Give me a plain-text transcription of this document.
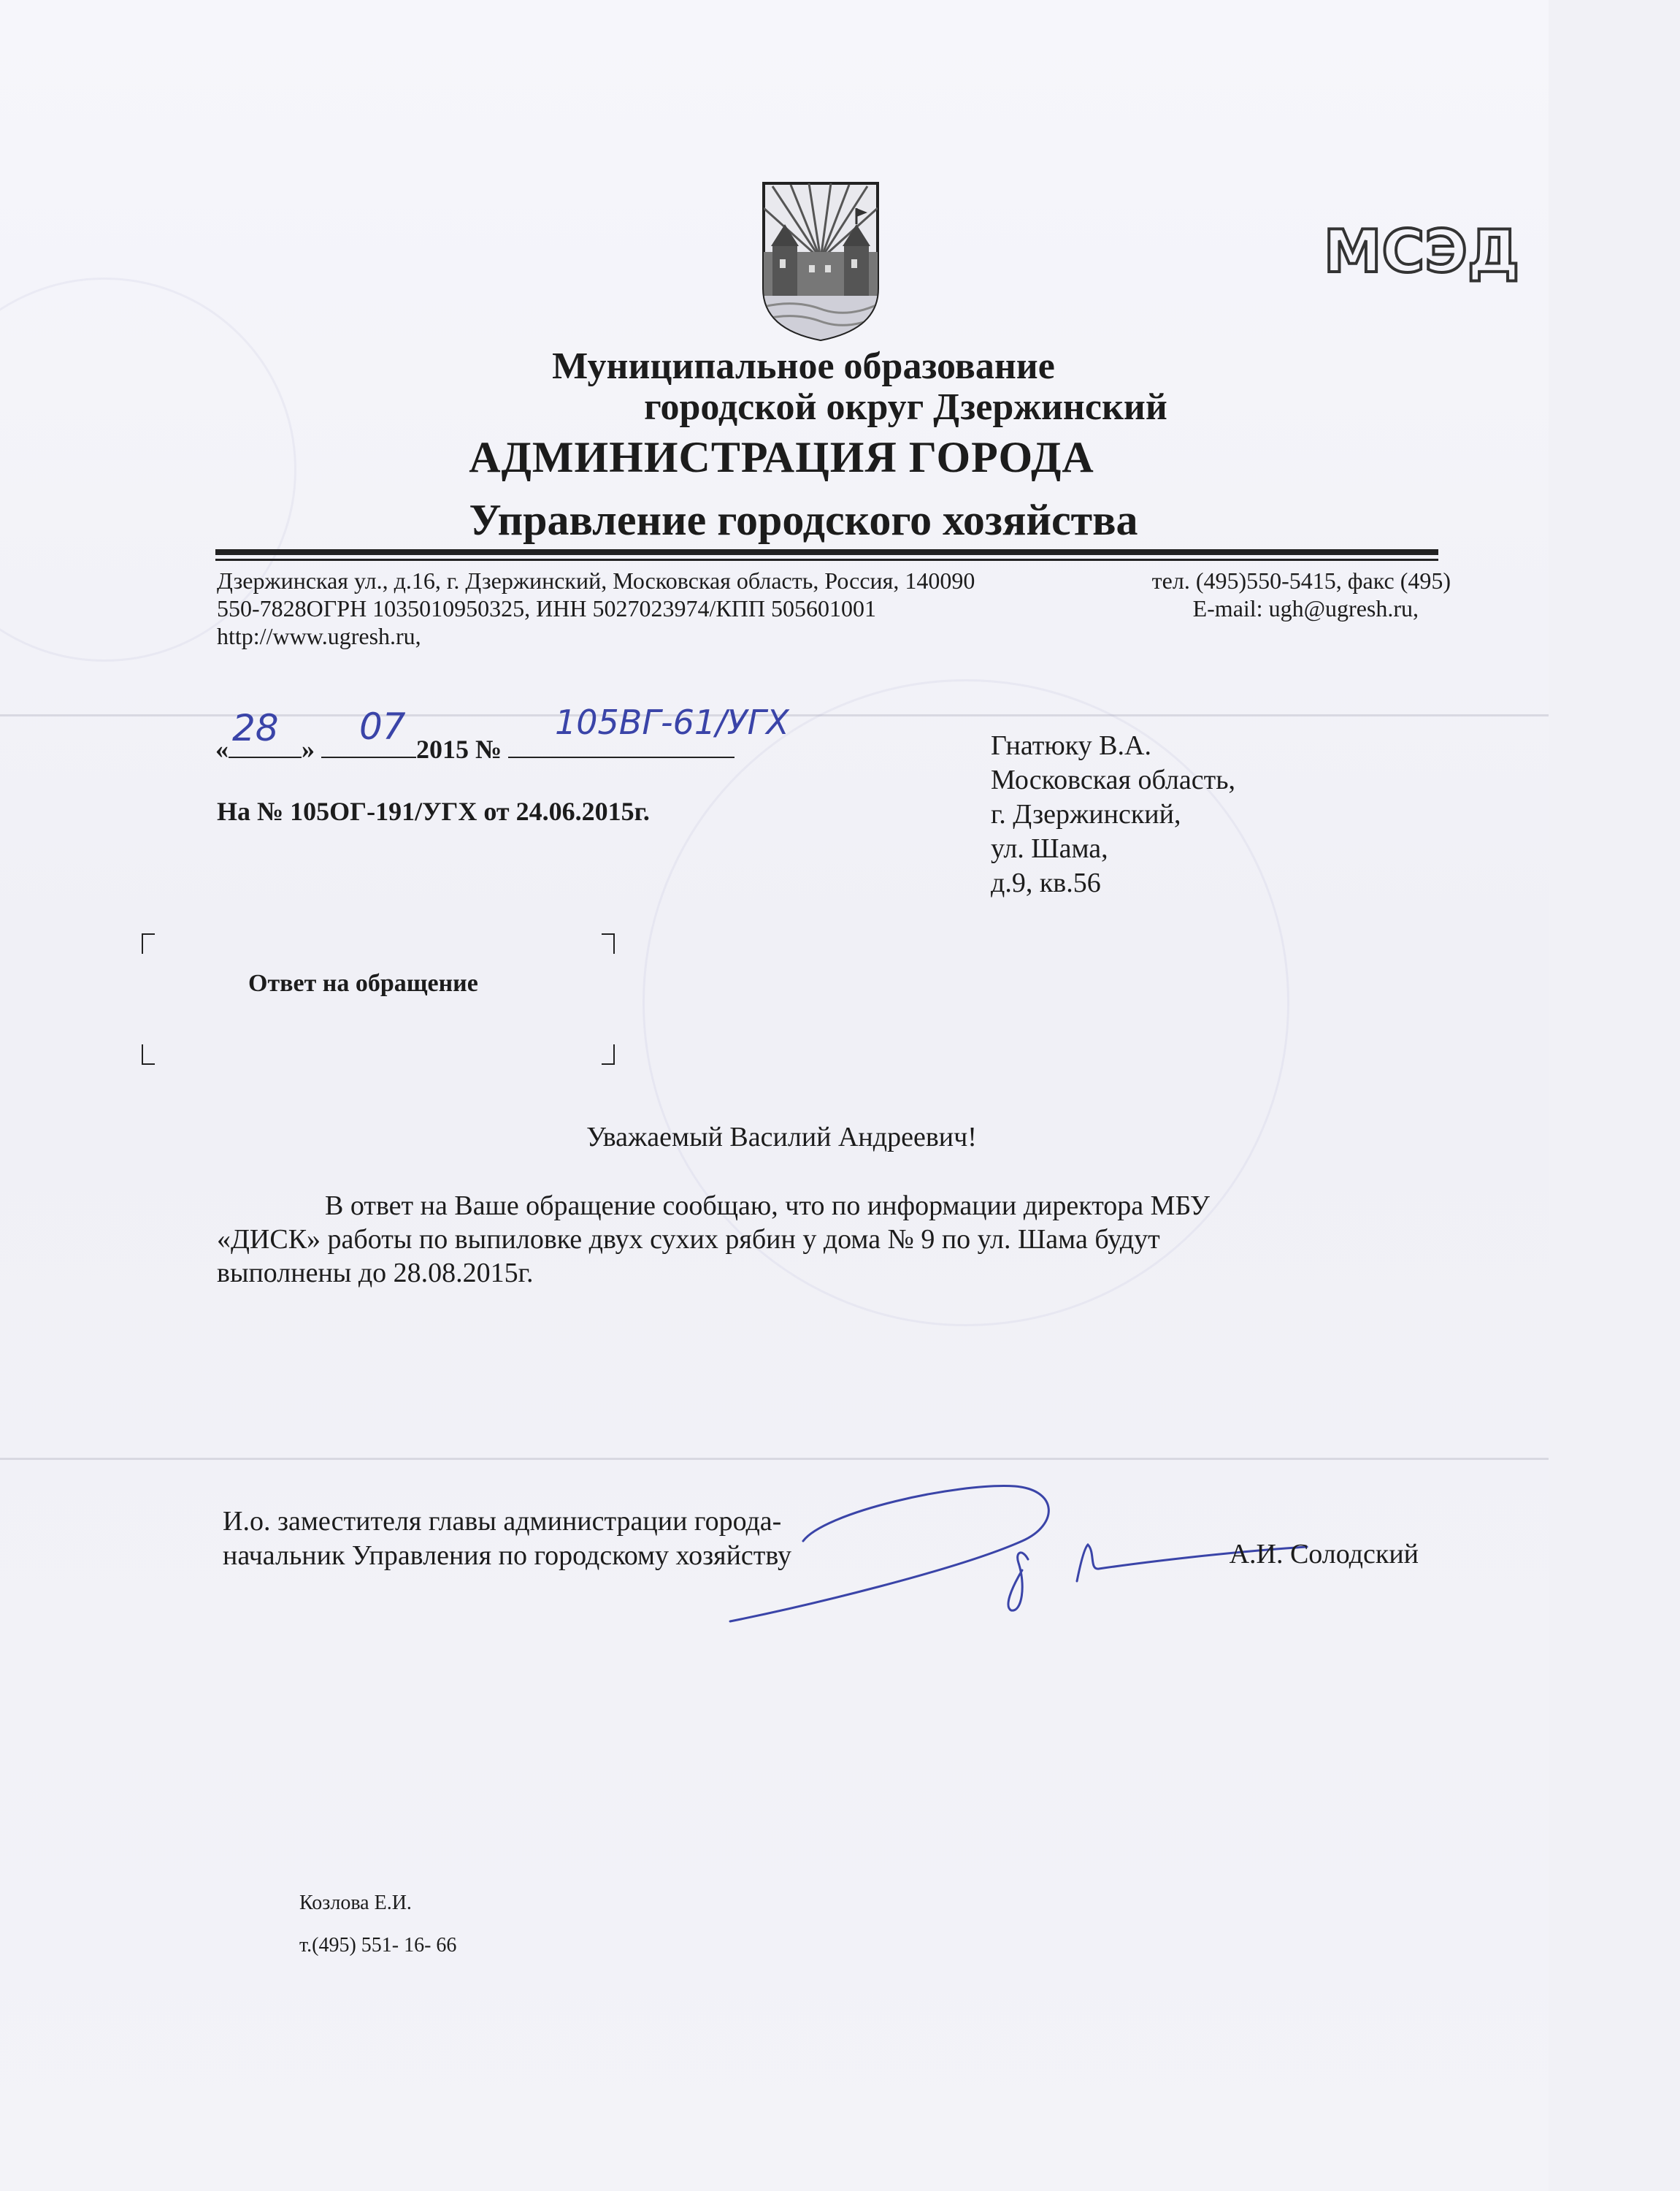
МСЭД
Муниципальное образование
городской округ Дзержинский
АДМИНИСТРАЦИЯ ГОРОДА
Управление городского хозяйства
Дзержинская ул., д.16, г. Дзержинский, Московская область, Россия, 140090	тел. (495)550-5415, факс (495)
550-7828ОГРН 1035010950325, ИНН 5027023974/КПП 505601001	E-mail: ugh@ugresh.ru,
http://www.ugresh.ru,
«	»	2015 №
28 07	105ВГ-61/УГХ
На № 105ОГ-191/УГХ от 24.06.2015г.
Гнатюку В.А.
Московская область,
г. Дзержинский,
ул. Шама,
д.9, кв.56
Ответ на обращение
Уважаемый Василий Андреевич!
В ответ на Ваше обращение сообщаю, что по информации директора МБУ
«ДИСК» работы по выпиловке двух сухих рябин у дома № 9 по ул. Шама будут
выполнены до 28.08.2015г.
И.о. заместителя главы администрации города-
начальник Управления по городскому хозяйству	А.И. Солодский
Козлова Е.И.
т.(495) 551- 16- 66
